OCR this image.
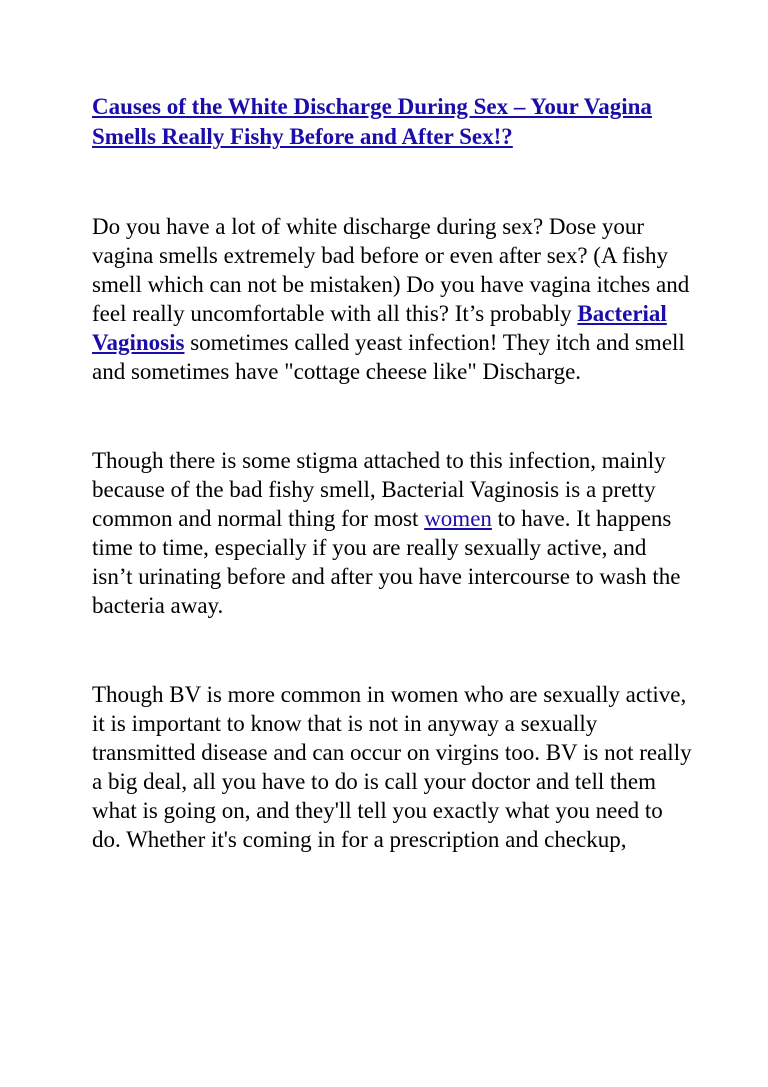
Causes of the White Discharge During Sex – Your Vagina Smells Really Fishy Before and After Sex!?

Do you have a lot of white discharge during sex? Dose your vagina smells extremely bad before or even after sex? (A fishy smell which can not be mistaken) Do you have vagina itches and feel really uncomfortable with all this? It’s probably Bacterial Vaginosis sometimes called yeast infection! They itch and smell and sometimes have "cottage cheese like" Discharge.

Though there is some stigma attached to this infection, mainly because of the bad fishy smell, Bacterial Vaginosis is a pretty common and normal thing for most women to have. It happens time to time, especially if you are really sexually active, and isn’t urinating before and after you have intercourse to wash the bacteria away.

Though BV is more common in women who are sexually active, it is important to know that is not in anyway a sexually transmitted disease and can occur on virgins too. BV is not really a big deal, all you have to do is call your doctor and tell them what is going on, and they'll tell you exactly what you need to do. Whether it's coming in for a prescription and checkup,
